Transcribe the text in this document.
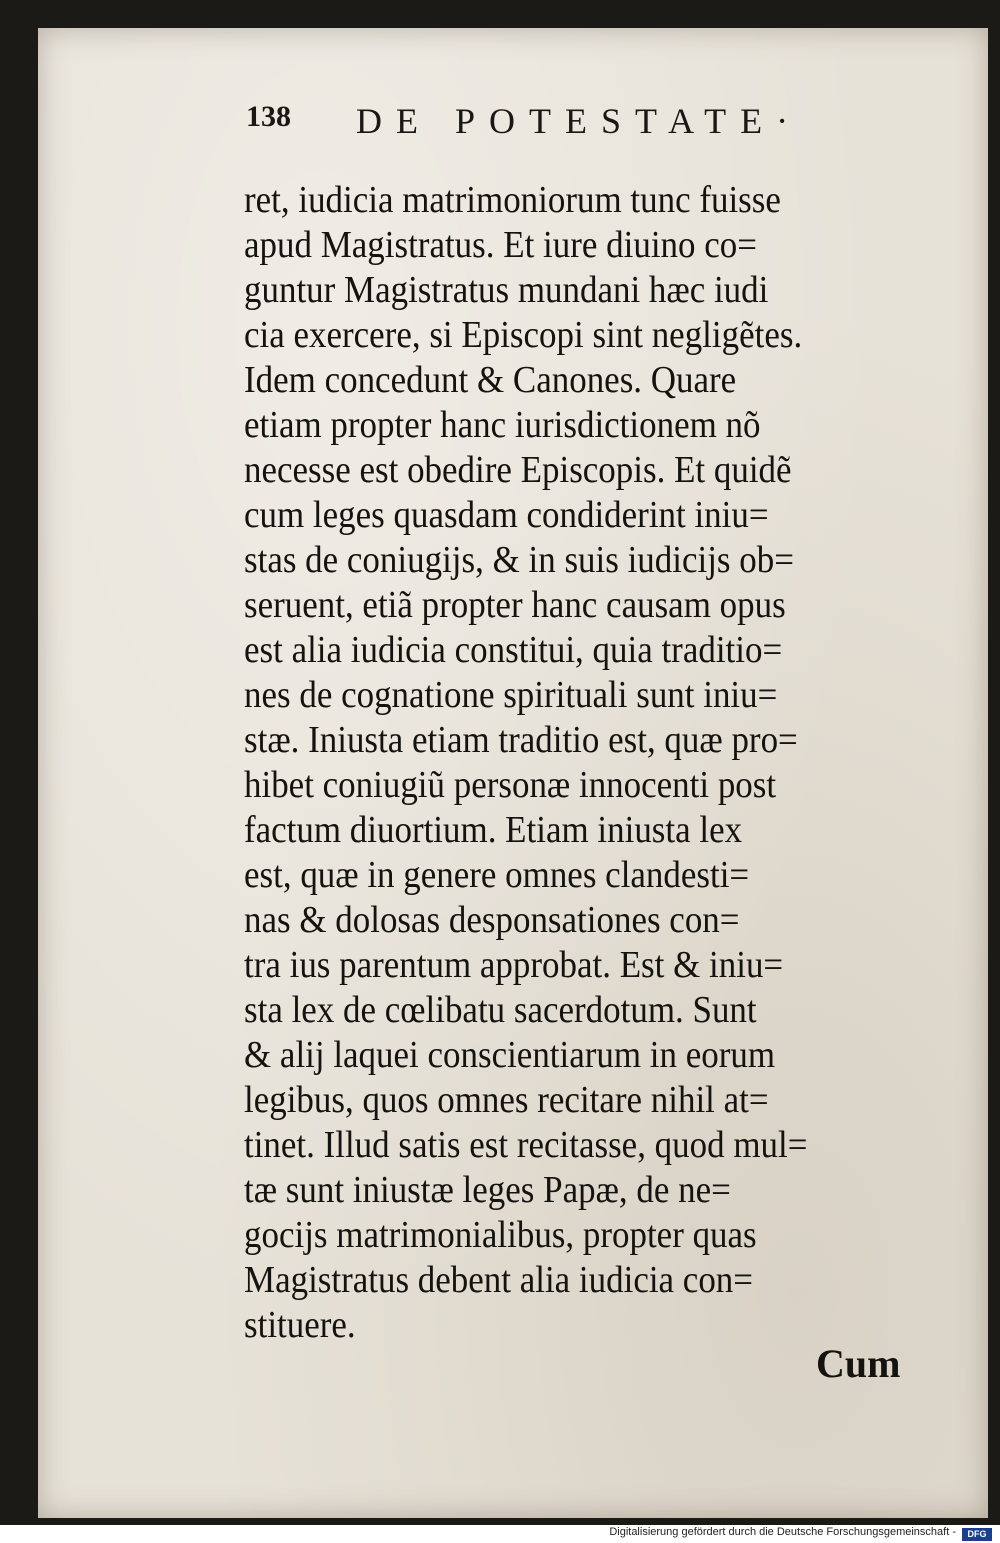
138 DE POTESTATE·
ret, iudicia matrimoniorum tunc fuisse
apud Magistratus. Et iure diuino co=
guntur Magistratus mundani hæc iudi
cia exercere, si Episcopi sint negligẽtes.
Idem concedunt & Canones. Quare
etiam propter hanc iurisdictionem nõ
necesse est obedire Episcopis. Et quidẽ
cum leges quasdam condiderint iniu=
stas de coniugijs, & in suis iudicijs ob=
seruent, etiã propter hanc causam opus
est alia iudicia constitui, quia traditio=
nes de cognatione spirituali sunt iniu=
stæ. Iniusta etiam traditio est, quæ pro=
hibet coniugiũ personæ innocenti post
factum diuortium. Etiam iniusta lex
est, quæ in genere omnes clandesti=
nas & dolosas desponsationes con=
tra ius parentum approbat. Est & iniu=
sta lex de cœlibatu sacerdotum. Sunt
& alij laquei conscientiarum in eorum
legibus, quos omnes recitare nihil at=
tinet. Illud satis est recitasse, quod mul=
tæ sunt iniustæ leges Papæ, de ne=
gocijs matrimonialibus, propter quas
Magistratus debent alia iudicia con=
stituere.
Cum
Digitalisierung gefördert durch die Deutsche Forschungsgemeinschaft -	DFG
